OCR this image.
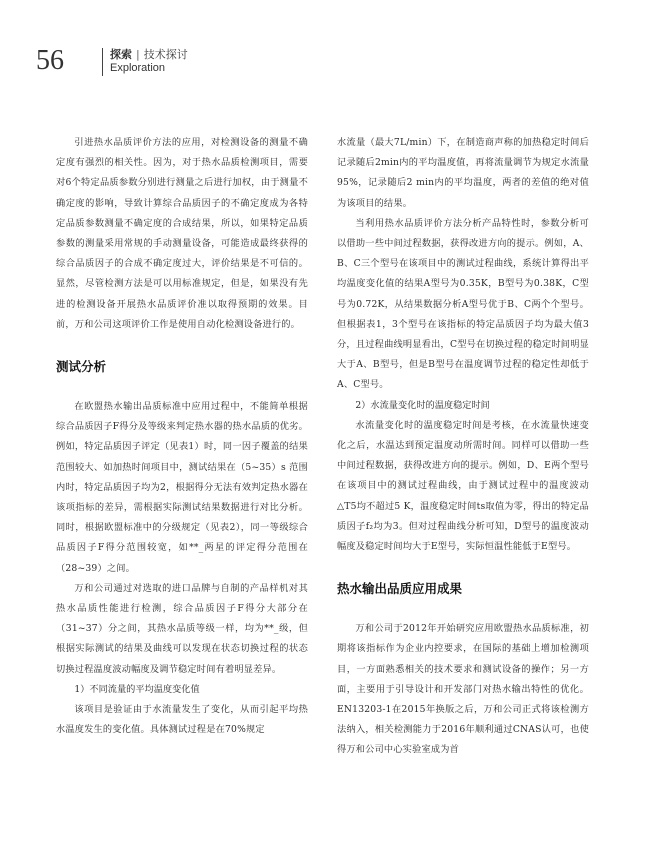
56	探索 | 技术探讨
Exploration

引进热水品质评价方法的应用，对检测设备的测量不确定度有强烈的相关性。因为，对于热水品质检测项目，需要对6个特定品质参数分别进行测量之后进行加权，由于测量不确定度的影响，导致计算综合品质因子的不确定度成为各特定品质参数测量不确定度的合成结果，所以，如果特定品质参数的测量采用常规的手动测量设备，可能造成最终获得的综合品质因子的合成不确定度过大，评价结果是不可信的。显然，尽管检测方法是可以用标准规定，但是，如果没有先进的检测设备开展热水品质评价准以取得预期的效果。目前，万和公司这项评价工作是使用自动化检测设备进行的。

测试分析

在欧盟热水输出品质标准中应用过程中，不能简单根据综合品质因子F得分及等级来判定热水器的热水品质的优劣。例如，特定品质因子评定（见表1）时，同一因子覆盖的结果范围较大、如加热时间项目中，测试结果在（5~35）s 范围内时，特定品质因子均为2，根据得分无法有效判定热水器在该项指标的差异，需根据实际测试结果数据进行对比分析。同时，根据欧盟标准中的分级规定（见表2），同一等级综合品质因子F得分范围较宽，如**_两星的评定得分范围在（28~39）之间。

万和公司通过对选取的进口品牌与自制的产品样机对其热水品质性能进行检测，综合品质因子F得分大部分在（31~37）分之间，其热水品质等级一样，均为**_级，但根据实际测试的结果及曲线可以发现在状态切换过程的状态切换过程温度波动幅度及调节稳定时间有着明显差异。

1）不同流量的平均温度变化值

该项目是验证由于水流量发生了变化，从而引起平均热水温度发生的变化值。具体测试过程是在70%规定

水流量（最大7L/min）下，在制造商声称的加热稳定时间后记录随后2min内的平均温度值，再将流量调节为规定水流量95%，记录随后2 min内的平均温度，两者的差值的绝对值为该项目的结果。

当利用热水品质评价方法分析产品特性时，参数分析可以借助一些中间过程数据，获得改进方向的提示。例如，A、B、C三个型号在该项目中的测试过程曲线，系统计算得出平均温度变化值的结果A型号为0.35K，B型号为0.38K，C型号为0.72K，从结果数据分析A型号优于B、C两个个型号。但根据表1，3个型号在该指标的特定品质因子均为最大值3分，且过程曲线明显看出，C型号在切换过程的稳定时间明显大于A、B型号，但是B型号在温度调节过程的稳定性却低于A、C型号。

2）水流量变化时的温度稳定时间

水流量变化时的温度稳定时间是考核，在水流量快速变化之后，水温达到预定温度动所需时间。同样可以借助一些中间过程数据，获得改进方向的提示。例如，D、E两个型号在该项目中的测试过程曲线，由于测试过程中的温度波动△T5均不超过5 K，温度稳定时间ts取值为零，得出的特定品质因子f₂均为3。但对过程曲线分析可知，D型号的温度波动幅度及稳定时间均大于E型号，实际恒温性能低于E型号。

热水输出品质应用成果

万和公司于2012年开始研究应用欧盟热水品质标准，初期将该指标作为企业内控要求，在国际的基础上增加检测项目，一方面熟悉相关的技术要求和测试设备的操作；另一方面，主要用于引导设计和开发部门对热水输出特性的优化。EN13203-1在2015年换版之后，万和公司正式将该检测方法纳入，相关检测能力于2016年顺利通过CNAS认可，也使得万和公司中心实验室成为首
